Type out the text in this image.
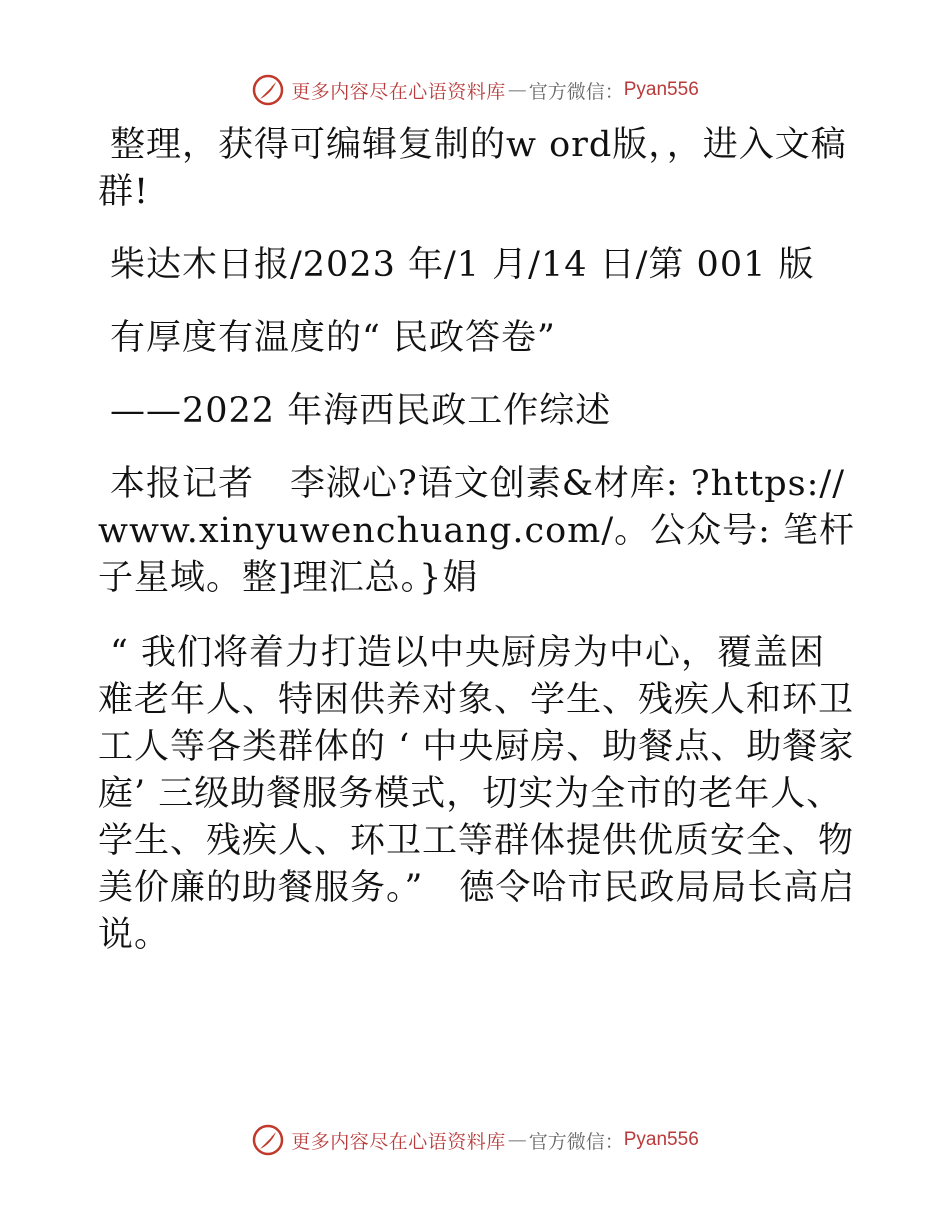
更多内容尽在心语资料库 — 官方微信： Pyan556

整理，获得可编辑复制的w ord版，，进入文稿群!

柴达木日报/2023 年/1 月/14 日/第 001 版

有厚度有温度的“ 民政答卷”

——2022 年海西民政工作综述

本报记者　李淑心?语文创素&材库: ?https://www.xinyuwenchuang.com/。公众号: 笔杆子星域。整]理汇总。}娟

“ 我们将着力打造以中央厨房为中心，覆盖困难老年人、特困供养对象、学生、残疾人和环卫工人等各类群体的 ‘ 中央厨房、助餐点、助餐家庭’ 三级助餐服务模式，切实为全市的老年人、学生、残疾人、环卫工等群体提供优质安全、物美价廉的助餐服务。”　德令哈市民政局局长高启说。

更多内容尽在心语资料库 — 官方微信： Pyan556
